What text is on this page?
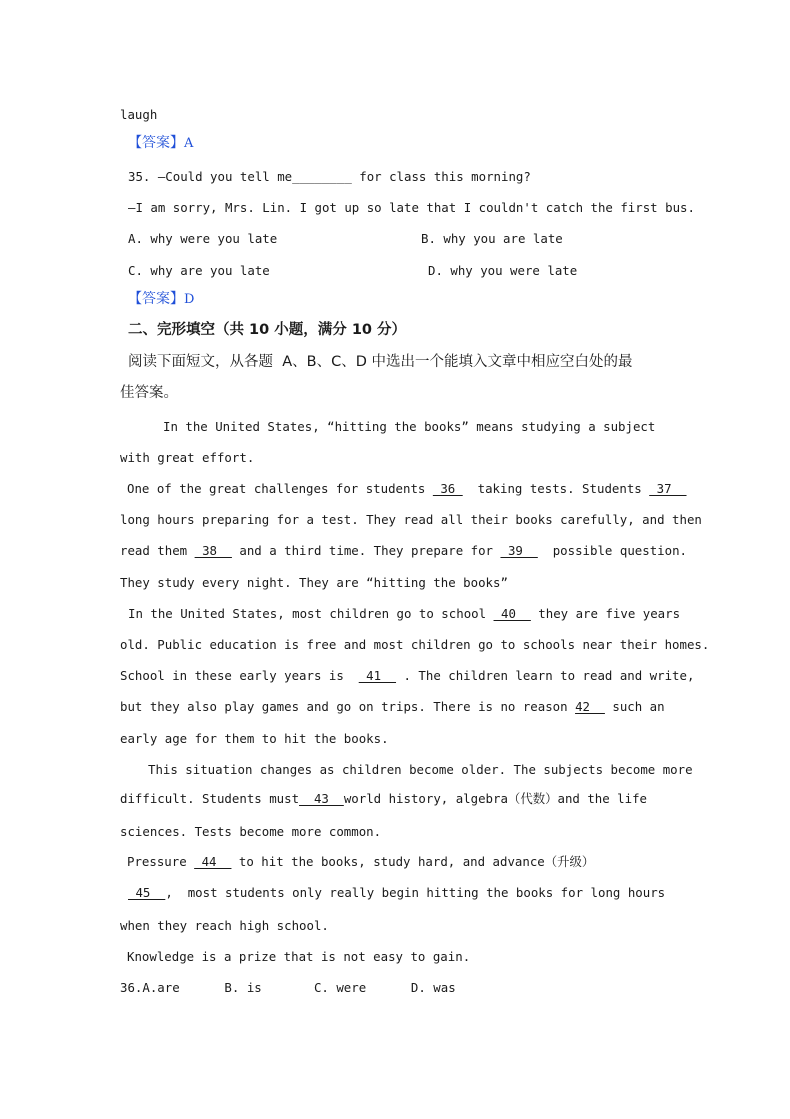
laugh
【答案】A
35. —Could you tell me________ for class this morning?
—I am sorry, Mrs. Lin. I got up so late that I couldn't catch the first bus.
A. why were you late	B. why you are late
C. why are you late	D. why you were late
【答案】D
二、完形填空（共 10 小题，满分 10 分）
阅读下面短文，从各题  A、B、C、D 中选出一个能填入文章中相应空白处的最
佳答案。
In the United States, “hitting the books” means studying a subject
with great effort.
One of the great challenges for students  36   taking tests. Students  37
long hours preparing for a test. They read all their books carefully, and then
read them  38   and a third time. They prepare for  39    possible question.
They study every night. They are “hitting the books”
In the United States, most children go to school  40   they are five years
old. Public education is free and most children go to schools near their homes.
School in these early years is   41   . The children learn to read and write,
but they also play games and go on trips. There is no reason 42   such an
early age for them to hit the books.
This situation changes as children become older. The subjects become more
difficult. Students must  43  world history, algebra（代数）and the life
sciences. Tests become more common.
Pressure  44   to hit the books, study hard, and advance（升级）
45  ,  most students only really begin hitting the books for long hours
when they reach high school.
Knowledge is a prize that is not easy to gain.
36.A.are      B. is       C. were      D. was
